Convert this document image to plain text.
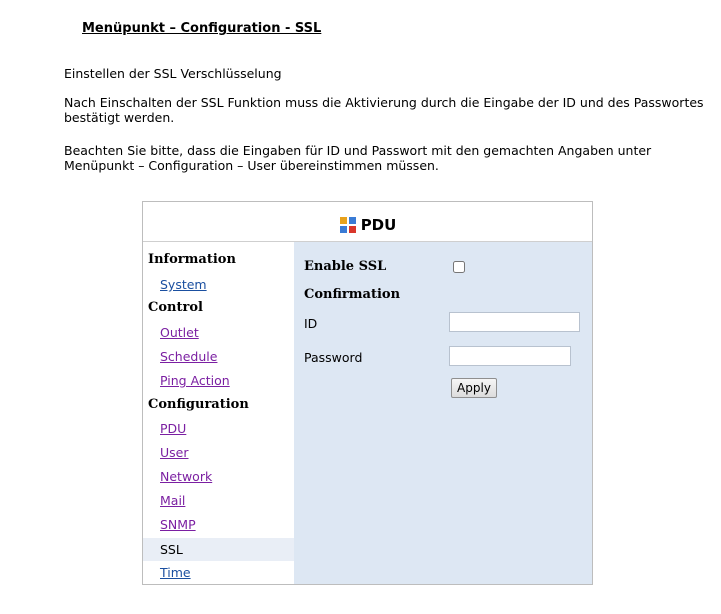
Menüpunkt – Configuration - SSL

Einstellen der SSL Verschlüsselung

Nach Einschalten der SSL Funktion muss die Aktivierung durch die Eingabe der ID und des Passwortes bestätigt werden.

Beachten Sie bitte, dass die Eingaben für ID und Passwort mit den gemachten Angaben unter Menüpunkt – Configuration – User übereinstimmen müssen.

PDU
Information
System
Control
Outlet
Schedule
Ping Action
Configuration
PDU
User
Network
Mail
SNMP
SSL
Time
Enable SSL
Confirmation
ID
Password
Apply
